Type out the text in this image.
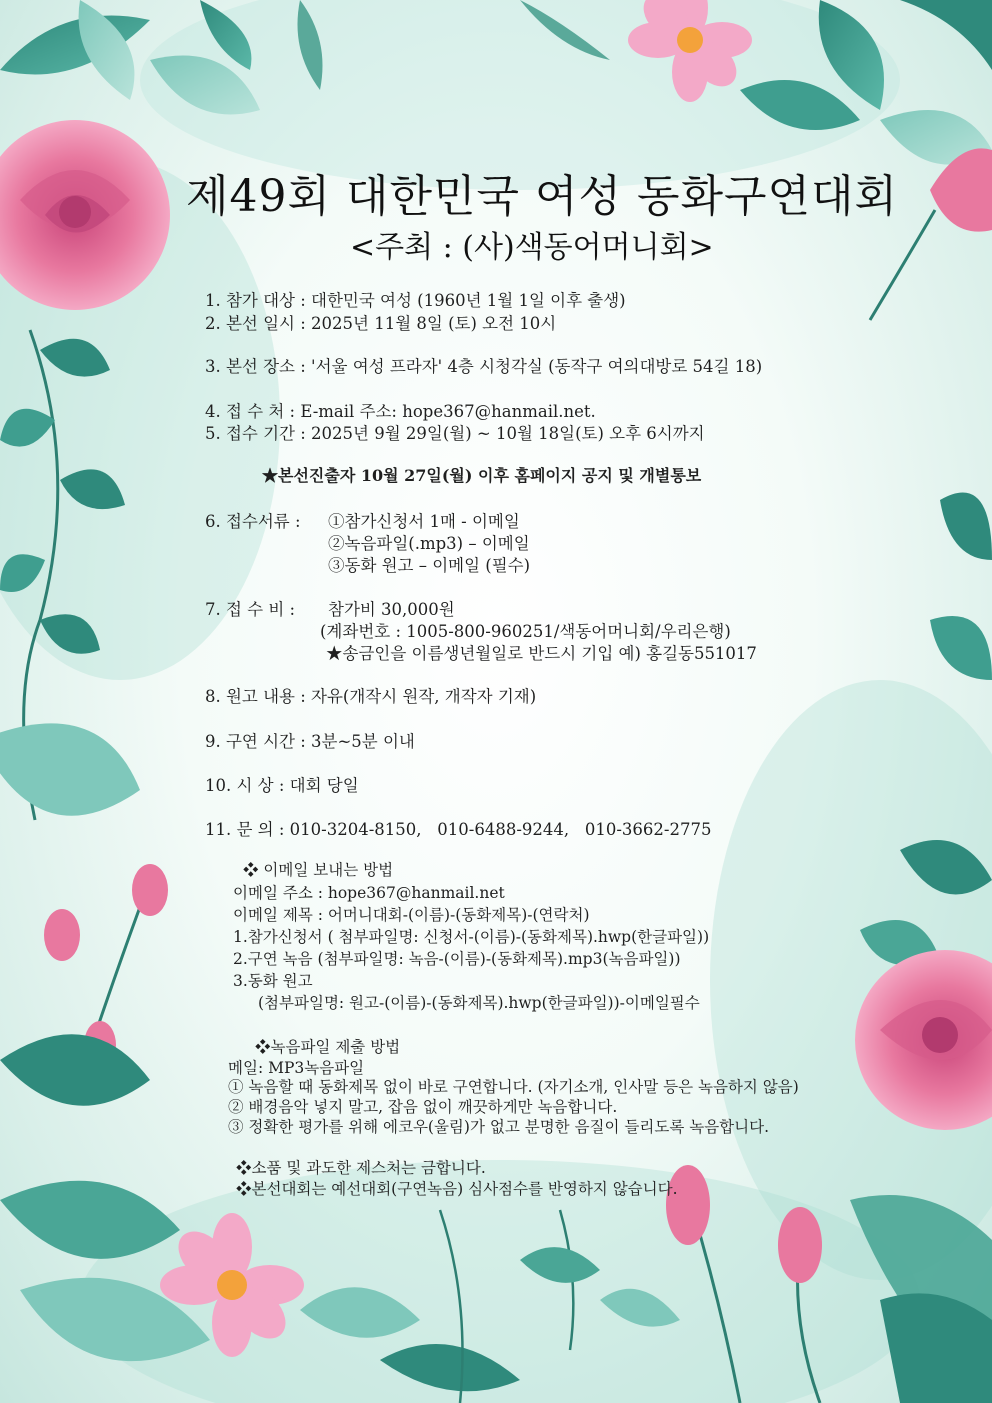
제49회 대한민국 여성 동화구연대회
<주최 : (사)색동어머니회>
1. 참가 대상 : 대한민국 여성 (1960년 1월 1일 이후 출생)
2. 본선 일시 : 2025년 11월 8일 (토) 오전 10시
3. 본선 장소 : '서울 여성 프라자' 4층 시청각실 (동작구 여의대방로 54길 18)
4. 접 수 처 : E-mail 주소: hope367@hanmail.net.
5. 접수 기간 : 2025년 9월 29일(월) ~ 10월 18일(토) 오후 6시까지
★본선진출자 10월 27일(월) 이후 홈페이지 공지 및 개별통보
6. 접수서류 : ①참가신청서 1매 - 이메일
②녹음파일(.mp3) – 이메일
③동화 원고 – 이메일 (필수)
7. 접 수 비 : 참가비 30,000원
(계좌번호 : 1005-800-960251/색동어머니회/우리은행)
★송금인을 이름생년월일로 반드시 기입 예) 홍길동551017
8. 원고 내용 : 자유(개작시 원작, 개작자 기재)
9. 구연 시간 : 3분~5분 이내
10. 시 상 : 대회 당일
11. 문 의 : 010-3204-8150,   010-6488-9244,   010-3662-2775
❖ 이메일 보내는 방법
이메일 주소 : hope367@hanmail.net
이메일 제목 : 어머니대회-(이름)-(동화제목)-(연락처)
1.참가신청서 ( 첨부파일명: 신청서-(이름)-(동화제목).hwp(한글파일))
2.구연 녹음 (첨부파일명: 녹음-(이름)-(동화제목).mp3(녹음파일))
3.동화 원고
(첨부파일명: 원고-(이름)-(동화제목).hwp(한글파일))-이메일필수
❖녹음파일 제출 방법
메일: MP3녹음파일
① 녹음할 때 동화제목 없이 바로 구연합니다. (자기소개, 인사말 등은 녹음하지 않음)
② 배경음악 넣지 말고, 잡음 없이 깨끗하게만 녹음합니다.
③ 정확한 평가를 위해 에코우(울림)가 없고 분명한 음질이 들리도록 녹음합니다.
❖소품 및 과도한 제스처는 금합니다.
❖본선대회는 예선대회(구연녹음) 심사점수를 반영하지 않습니다.
